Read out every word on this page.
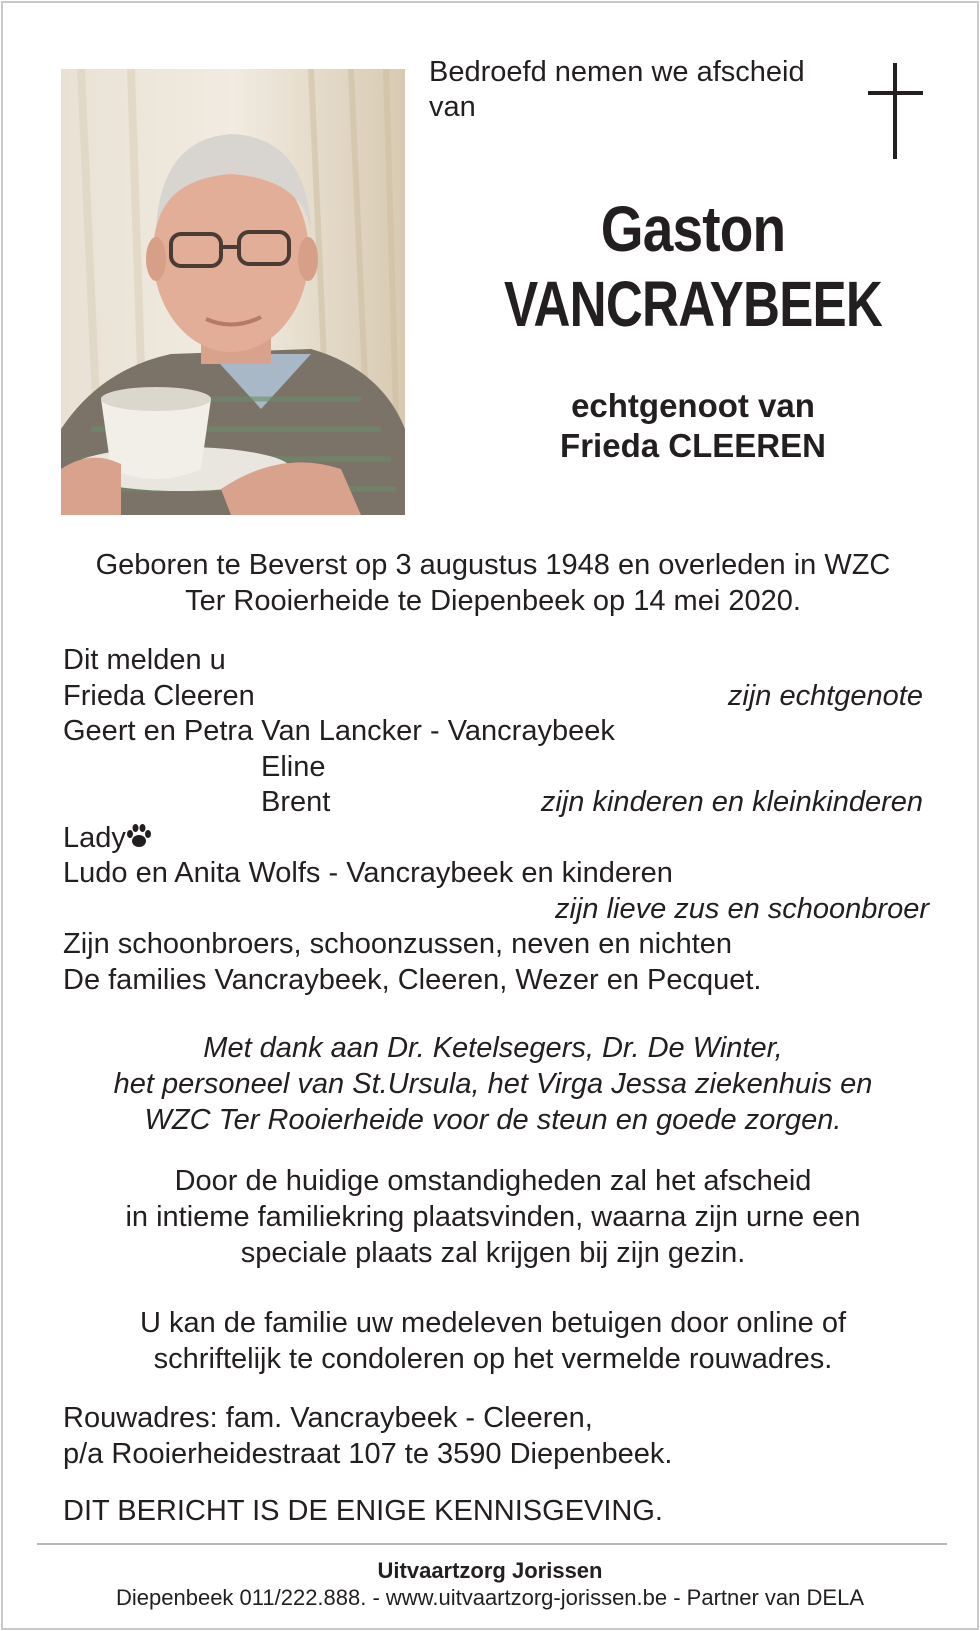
Bedroefd nemen we afscheid
van
Gaston
VANCRAYBEEK
echtgenoot van
Frieda CLEEREN
Geboren te Beverst op 3 augustus 1948 en overleden in WZC
Ter Rooierheide te Diepenbeek op 14 mei 2020.
Dit melden u
Frieda Cleeren	zijn echtgenote
Geert en Petra Van Lancker - Vancraybeek
Eline
Brent	zijn kinderen en kleinkinderen
Lady
Ludo en Anita Wolfs - Vancraybeek en kinderen
zijn lieve zus en schoonbroer
Zijn schoonbroers, schoonzussen, neven en nichten
De families Vancraybeek, Cleeren, Wezer en Pecquet.
Met dank aan Dr. Ketelsegers, Dr. De Winter,
het personeel van St.Ursula, het Virga Jessa ziekenhuis en
WZC Ter Rooierheide voor de steun en goede zorgen.
Door de huidige omstandigheden zal het afscheid
in intieme familiekring plaatsvinden, waarna zijn urne een
speciale plaats zal krijgen bij zijn gezin.
U kan de familie uw medeleven betuigen door online of
schriftelijk te condoleren op het vermelde rouwadres.
Rouwadres: fam. Vancraybeek - Cleeren,
p/a Rooierheidestraat 107 te 3590 Diepenbeek.
DIT BERICHT IS DE ENIGE KENNISGEVING.
Uitvaartzorg Jorissen
Diepenbeek 011/222.888. - www.uitvaartzorg-jorissen.be - Partner van DELA
